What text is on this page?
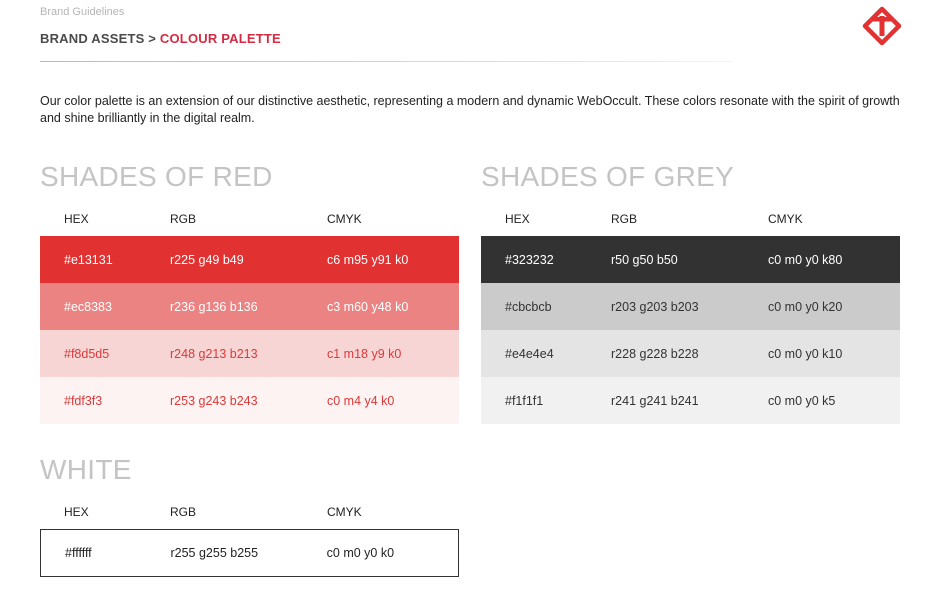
Brand Guidelines
BRAND ASSETS > COLOUR PALETTE

Our color palette is an extension of our distinctive aesthetic, representing a modern and dynamic WebOccult. These colors resonate with the spirit of growth and shine brilliantly in the digital realm.

SHADES OF RED
HEX	RGB	CMYK
#e13131	r225 g49 b49	c6 m95 y91 k0
#ec8383	r236 g136 b136	c3 m60 y48 k0
#f8d5d5	r248 g213 b213	c1 m18 y9 k0
#fdf3f3	r253 g243 b243	c0 m4 y4 k0
SHADES OF GREY
HEX	RGB	CMYK
#323232	r50 g50 b50	c0 m0 y0 k80
#cbcbcb	r203 g203 b203	c0 m0 y0 k20
#e4e4e4	r228 g228 b228	c0 m0 y0 k10
#f1f1f1	r241 g241 b241	c0 m0 y0 k5
WHITE
HEX	RGB	CMYK
#ffffff	r255 g255 b255	c0 m0 y0 k0
